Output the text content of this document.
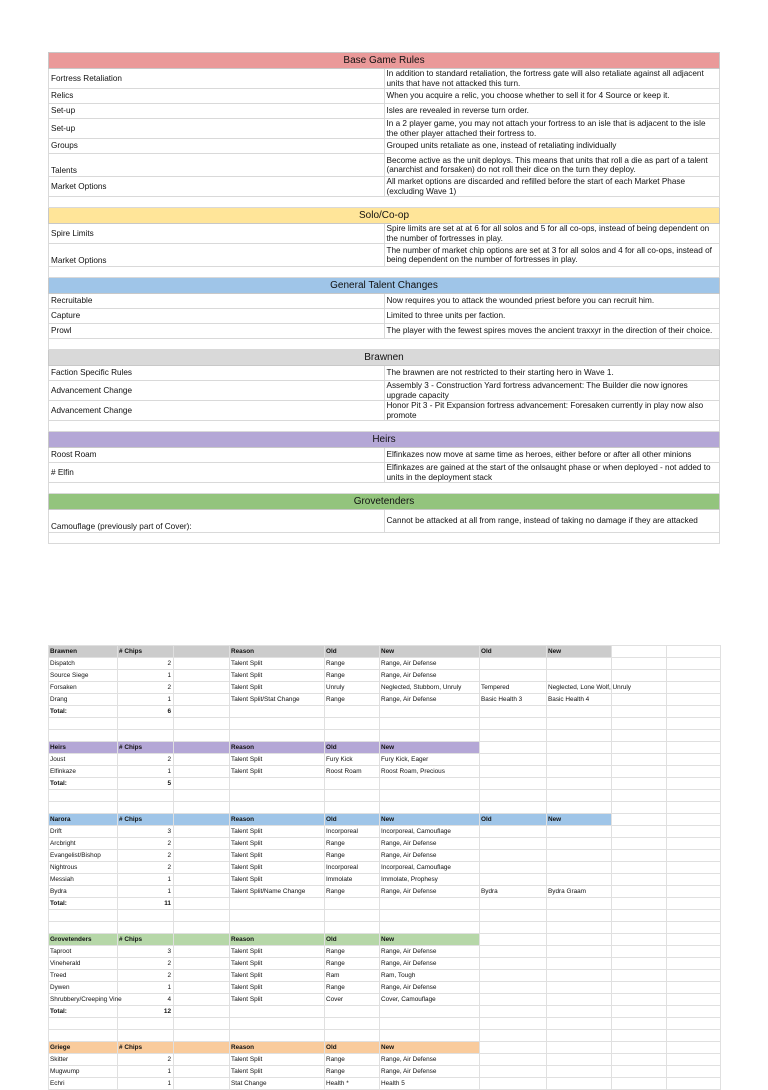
Base Game Rules	
Fortress Retaliation	In addition to standard retaliation, the fortress gate will also retaliate against all adjacent units that have not attacked this turn.
Relics	When you acquire a relic, you choose whether to sell it for 4 Source or keep it.
Set-up	Isles are revealed in reverse turn order.
Set-up	In a 2 player game, you may not attach your fortress to an isle that is adjacent to the isle the other player attached their fortress to.
Groups	Grouped units retaliate as one, instead of retaliating individually
Talents	Become active as the unit deploys. This means that units that roll a die as part of a talent (anarchist and forsaken) do not roll their dice on the turn they deploy.
Market Options	All market options are discarded and refilled before the start of each Market Phase (excluding Wave 1)

Solo/Co-op	
Spire Limits	Spire limits are set at at 6 for all solos and 5 for all co-ops, instead of being dependent on the number of fortresses in play.
Market Options	The number of market chip options are set at 3 for all solos and 4 for all co-ops, instead of being dependent on the number of fortresses in play.

General Talent Changes	
Recruitable	Now requires you to attack the wounded priest before you can recruit him.
Capture	Limited to three units per faction.
Prowl	The player with the fewest spires moves the ancient traxxyr in the direction of their choice.

Brawnen	
Faction Specific Rules	The brawnen are not restricted to their starting hero in Wave 1.
Advancement Change	Assembly 3 - Construction Yard fortress advancement: The Builder die now ignores upgrade capacity
Advancement Change	Honor Pit 3 - Pit Expansion fortress advancement: Foresaken currently in play now also promote

Heirs	
Roost Roam	Elfinkazes now move at same time as heroes, either before or after all other minions
# Elfin	Elfinkazes are gained at the start of the onlsaught phase or when deployed - not added to units in the deployment stack

Grovetenders	
Camouflage (previously part of Cover):	Cannot be attacked at all from range, instead of taking no damage if they are attacked

Brawnen	# Chips		Reason	Old	New	Old	New		
Dispatch	2		Talent Split	Range	Range, Air Defense				
Source Siege	1		Talent Split	Range	Range, Air Defense				
Forsaken	2		Talent Split	Unruly	Neglected, Stubborn, Unruly	Tempered	Neglected, Lone Wolf, Unruly		
Drang	1		Talent Split/Stat Change	Range	Range, Air Defense	Basic Health 3	Basic Health 4		
Total:	6								

Heirs	# Chips		Reason	Old	New				
Joust	2		Talent Split	Fury Kick	Fury Kick, Eager				
Elfinkaze	1		Talent Split	Roost Roam	Roost Roam, Precious				
Total:	5								

Narora	# Chips		Reason	Old	New	Old	New		
Drift	3		Talent Split	Incorporeal	Incorporeal, Camouflage				
Arcbright	2		Talent Split	Range	Range, Air Defense				
Evangelist/Bishop	2		Talent Split	Range	Range, Air Defense				
Nightrous	2		Talent Split	Incorporeal	Incorporeal, Camouflage				
Messiah	1		Talent Split	Immolate	Immolate, Prophesy				
Bydra	1		Talent Split/Name Change	Range	Range, Air Defense	Bydra	Bydra Graam		
Total:	11								

Grovetenders	# Chips		Reason	Old	New				
Taproot	3		Talent Split	Range	Range, Air Defense				
Vineherald	2		Talent Split	Range	Range, Air Defense				
Treed	2		Talent Split	Ram	Ram, Tough				
Dywen	1		Talent Split	Range	Range, Air Defense				
Shrubbery/Creeping Vine	4		Talent Split	Cover	Cover, Camouflage				
Total:	12								

Griege	# Chips		Reason	Old	New				
Skitter	2		Talent Split	Range	Range, Air Defense				
Mugwump	1		Talent Split	Range	Range, Air Defense				
Echri	1		Stat Change	Health *	Health 5				
